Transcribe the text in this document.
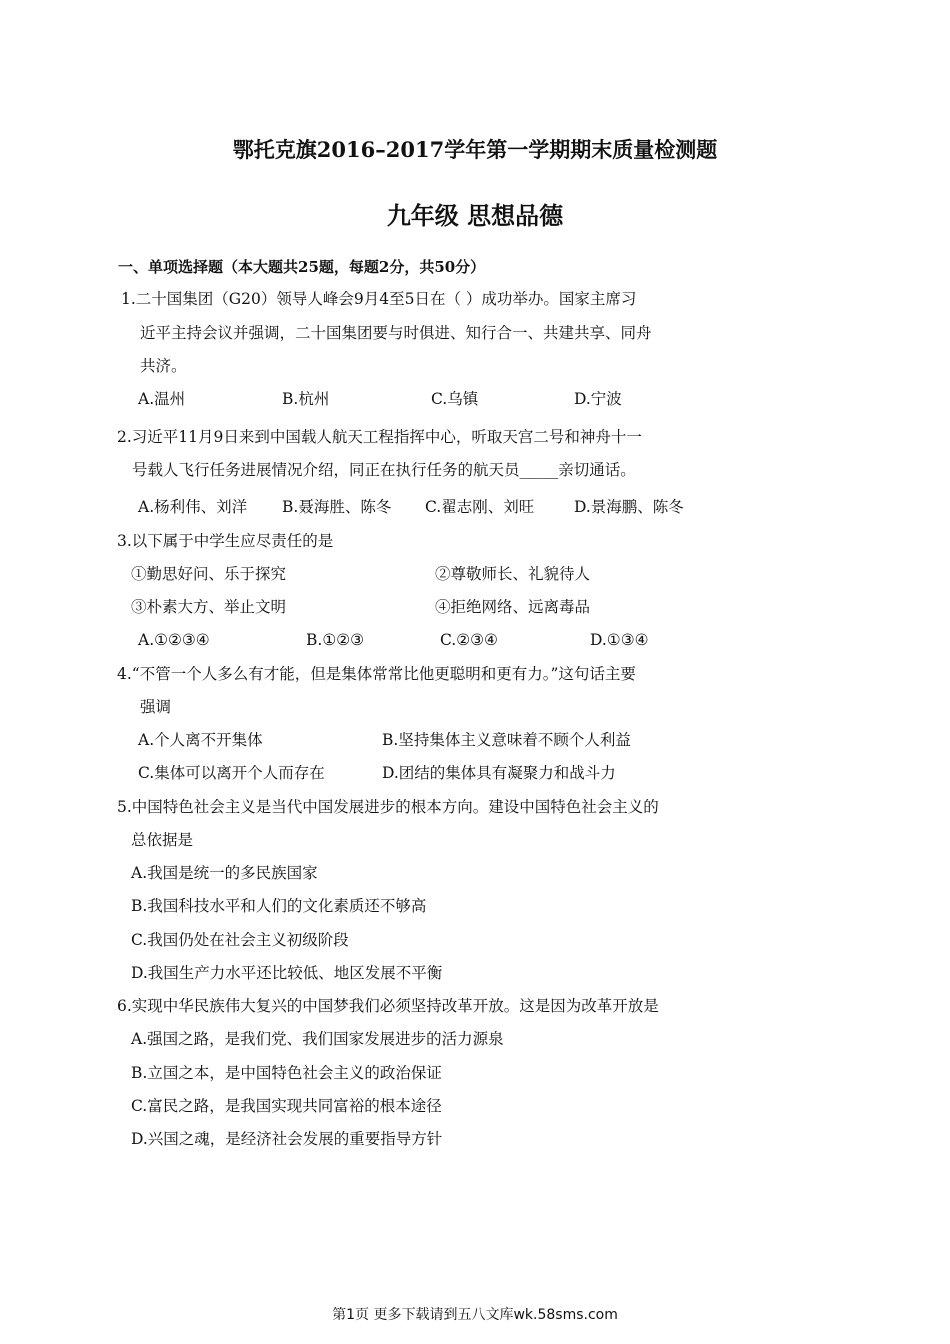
鄂托克旗2016–2017学年第一学期期末质量检测题
九年级 思想品德
一、单项选择题（本大题共25题，每题2分，共50分）
1.二十国集团（G20）领导人峰会9月4至5日在（ ）成功举办。国家主席习
近平主持会议并强调，二十国集团要与时俱进、知行合一、共建共享、同舟
共济。
A.温州	B.杭州	C.乌镇	D.宁波
2.习近平11月9日来到中国载人航天工程指挥中心，听取天宫二号和神舟十一
号载人飞行任务进展情况介绍，同正在执行任务的航天员_____亲切通话。
A.杨利伟、刘洋 B.聂海胜、陈冬 C.翟志刚、刘旺	D.景海鹏、陈冬
3.以下属于中学生应尽责任的是
①勤思好问、乐于探究	②尊敬师长、礼貌待人
③朴素大方、举止文明	④拒绝网络、远离毒品
A.①②③④	B.①②③	C.②③④	D.①③④
4.“不管一个人多么有才能，但是集体常常比他更聪明和更有力。”这句话主要
强调
A.个人离不开集体	B.坚持集体主义意味着不顾个人利益
C.集体可以离开个人而存在	D.团结的集体具有凝聚力和战斗力
5.中国特色社会主义是当代中国发展进步的根本方向。建设中国特色社会主义的
总依据是
A.我国是统一的多民族国家
B.我国科技水平和人们的文化素质还不够高
C.我国仍处在社会主义初级阶段
D.我国生产力水平还比较低、地区发展不平衡
6.实现中华民族伟大复兴的中国梦我们必须坚持改革开放。这是因为改革开放是
A.强国之路，是我们党、我们国家发展进步的活力源泉
B.立国之本，是中国特色社会主义的政治保证
C.富民之路，是我国实现共同富裕的根本途径
D.兴国之魂，是经济社会发展的重要指导方针
第1页 更多下载请到五八文库wk.58sms.com
